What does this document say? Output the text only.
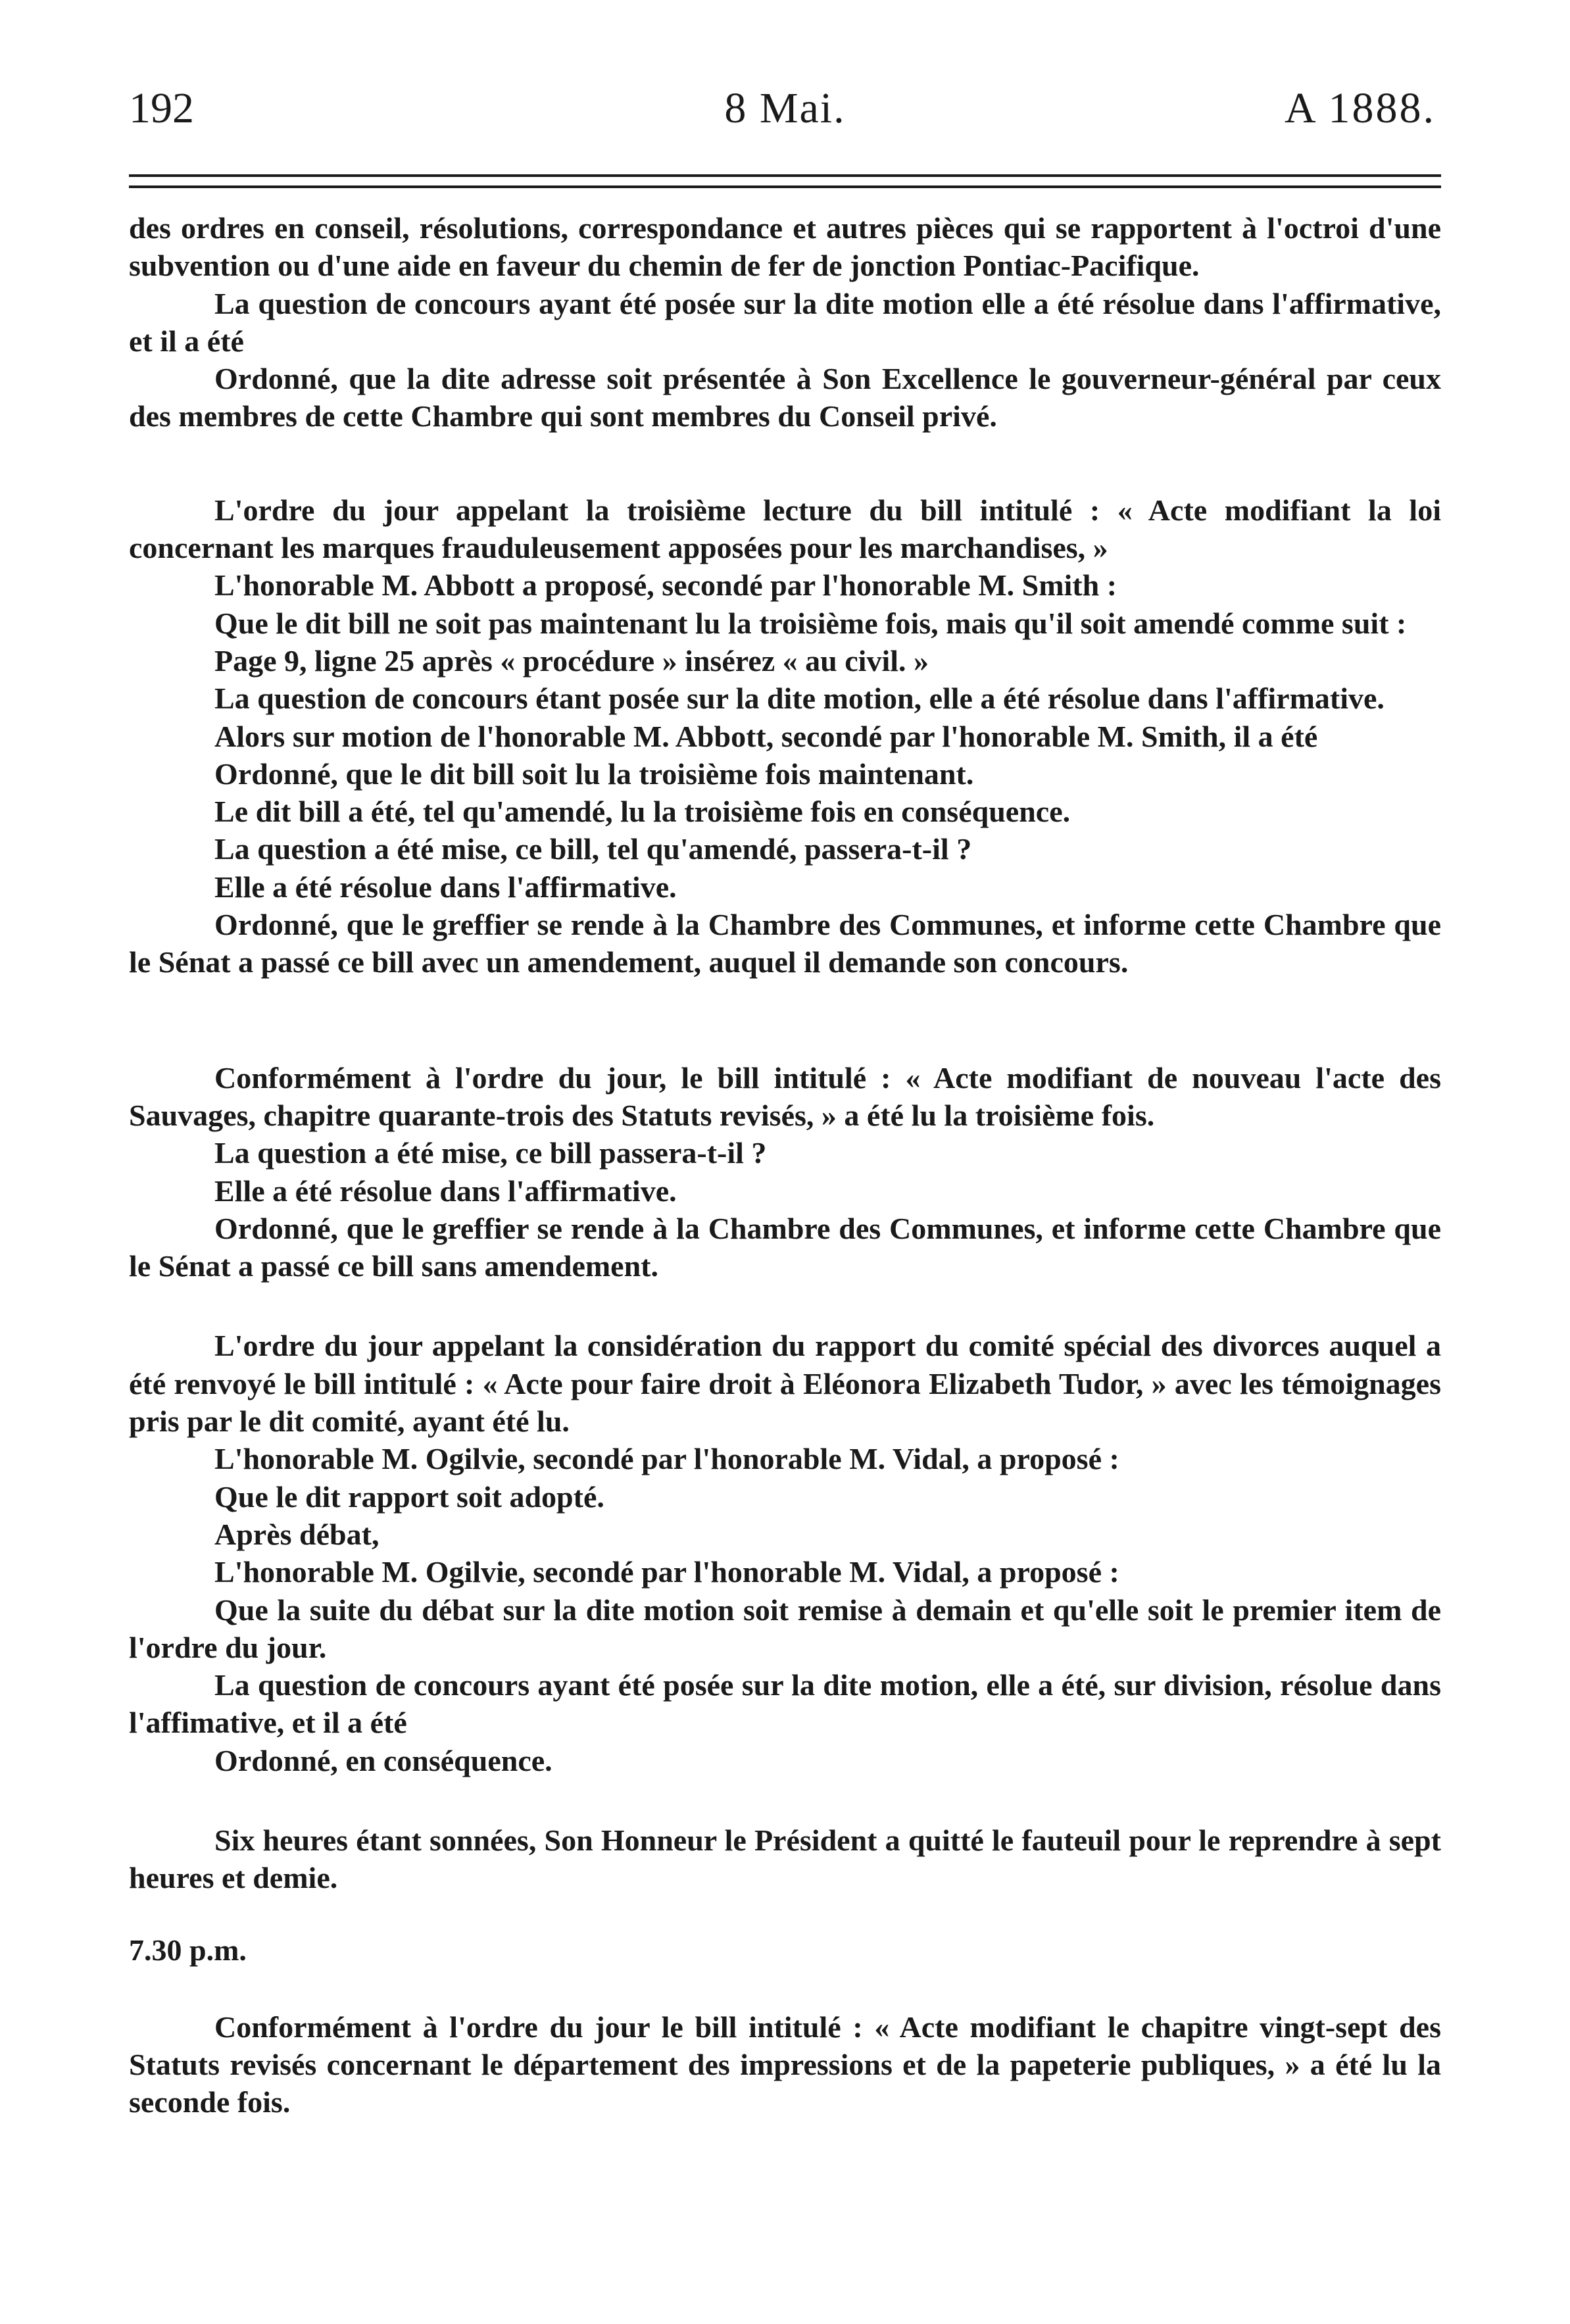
192	8 Mai.	A 1888.

des ordres en conseil, résolutions, correspondance et autres pièces qui se rapportent à l'octroi d'une subvention ou d'une aide en faveur du chemin de fer de jonction Pontiac-Pacifique.

La question de concours ayant été posée sur la dite motion elle a été résolue dans l'affirmative, et il a été

Ordonné, que la dite adresse soit présentée à Son Excellence le gouverneur-général par ceux des membres de cette Chambre qui sont membres du Conseil privé.

L'ordre du jour appelant la troisième lecture du bill intitulé : « Acte modifiant la loi concernant les marques frauduleusement apposées pour les marchandises, »

L'honorable M. Abbott a proposé, secondé par l'honorable M. Smith :

Que le dit bill ne soit pas maintenant lu la troisième fois, mais qu'il soit amendé comme suit :

Page 9, ligne 25 après « procédure » insérez « au civil. »

La question de concours étant posée sur la dite motion, elle a été résolue dans l'affirmative.

Alors sur motion de l'honorable M. Abbott, secondé par l'honorable M. Smith, il a été

Ordonné, que le dit bill soit lu la troisième fois maintenant.

Le dit bill a été, tel qu'amendé, lu la troisième fois en conséquence.

La question a été mise, ce bill, tel qu'amendé, passera-t-il ?

Elle a été résolue dans l'affirmative.

Ordonné, que le greffier se rende à la Chambre des Communes, et informe cette Chambre que le Sénat a passé ce bill avec un amendement, auquel il demande son concours.

Conformément à l'ordre du jour, le bill intitulé : « Acte modifiant de nouveau l'acte des Sauvages, chapitre quarante-trois des Statuts revisés, » a été lu la troisième fois.

La question a été mise, ce bill passera-t-il ?

Elle a été résolue dans l'affirmative.

Ordonné, que le greffier se rende à la Chambre des Communes, et informe cette Chambre que le Sénat a passé ce bill sans amendement.

L'ordre du jour appelant la considération du rapport du comité spécial des divorces auquel a été renvoyé le bill intitulé : « Acte pour faire droit à Eléonora Elizabeth Tudor, » avec les témoignages pris par le dit comité, ayant été lu.

L'honorable M. Ogilvie, secondé par l'honorable M. Vidal, a proposé :

Que le dit rapport soit adopté.

Après débat,

L'honorable M. Ogilvie, secondé par l'honorable M. Vidal, a proposé :

Que la suite du débat sur la dite motion soit remise à demain et qu'elle soit le premier item de l'ordre du jour.

La question de concours ayant été posée sur la dite motion, elle a été, sur division, résolue dans l'affimative, et il a été

Ordonné, en conséquence.

Six heures étant sonnées, Son Honneur le Président a quitté le fauteuil pour le reprendre à sept heures et demie.

7.30 p.m.

Conformément à l'ordre du jour le bill intitulé : « Acte modifiant le chapitre vingt-sept des Statuts revisés concernant le département des impressions et de la papeterie publiques, » a été lu la seconde fois.
